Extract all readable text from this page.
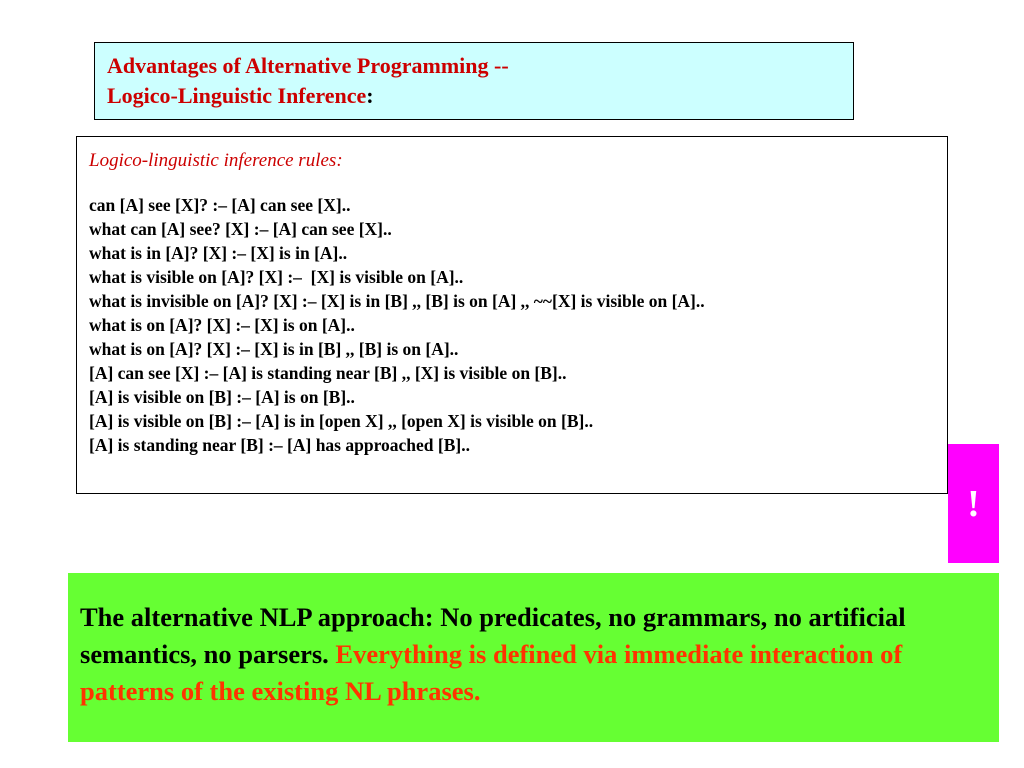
Advantages of Alternative Programming --
Logico-Linguistic Inference:
Logico-linguistic inference rules:
can [A] see [X]? :– [A] can see [X]..
what can [A] see? [X] :– [A] can see [X]..
what is in [A]? [X] :– [X] is in [A]..
what is visible on [A]? [X] :–  [X] is visible on [A]..
what is invisible on [A]? [X] :– [X] is in [B] ,, [B] is on [A] ,, ~~[X] is visible on [A]..
what is on [A]? [X] :– [X] is on [A]..
what is on [A]? [X] :– [X] is in [B] ,, [B] is on [A]..
[A] can see [X] :– [A] is standing near [B] ,, [X] is visible on [B]..
[A] is visible on [B] :– [A] is on [B]..
[A] is visible on [B] :– [A] is in [open X] ,, [open X] is visible on [B]..
[A] is standing near [B] :– [A] has approached [B]..
!
The alternative NLP approach: No predicates, no grammars, no artificial semantics, no parsers. Everything is defined via immediate interaction of patterns of the existing NL phrases.
